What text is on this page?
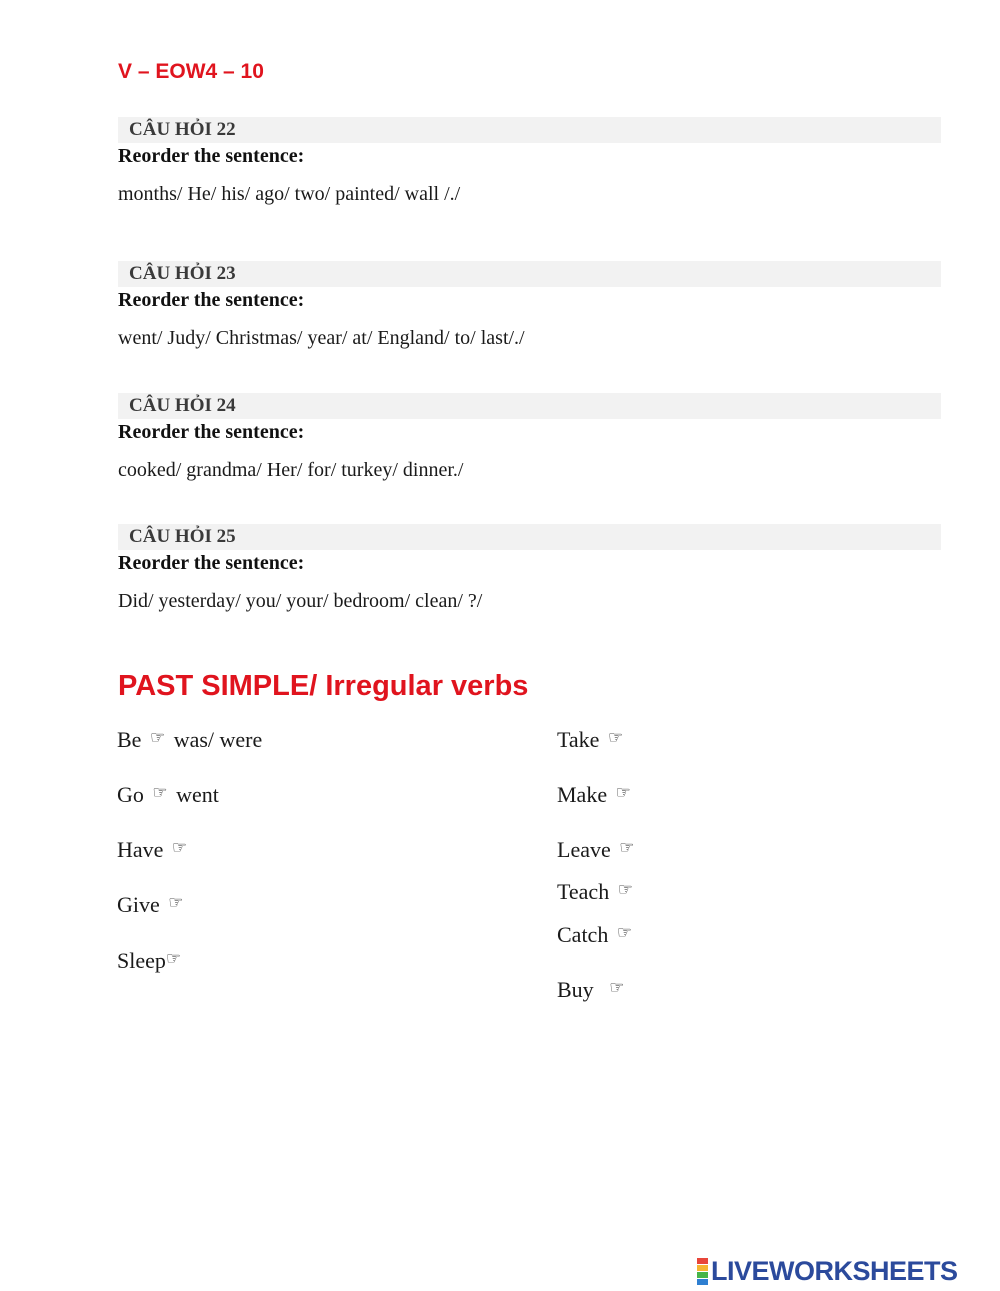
V – EOW4 – 10
CÂU HỎI 22
Reorder the sentence:
months/ He/ his/ ago/ two/ painted/ wall /./
CÂU HỎI 23
Reorder the sentence:
went/ Judy/ Christmas/ year/ at/ England/ to/ last/./
CÂU HỎI 24
Reorder the sentence:
cooked/ grandma/ Her/ for/ turkey/ dinner./
CÂU HỎI 25
Reorder the sentence:
Did/ yesterday/ you/ your/ bedroom/ clean/ ?/
PAST SIMPLE/ Irregular verbs
Be ☞ was/ were
Go ☞ went
Have ☞
Give ☞
Sleep☞
Take ☞
Make ☞
Leave ☞
Teach ☞
Catch ☞
Buy ☞
LIVEWORKSHEETS
